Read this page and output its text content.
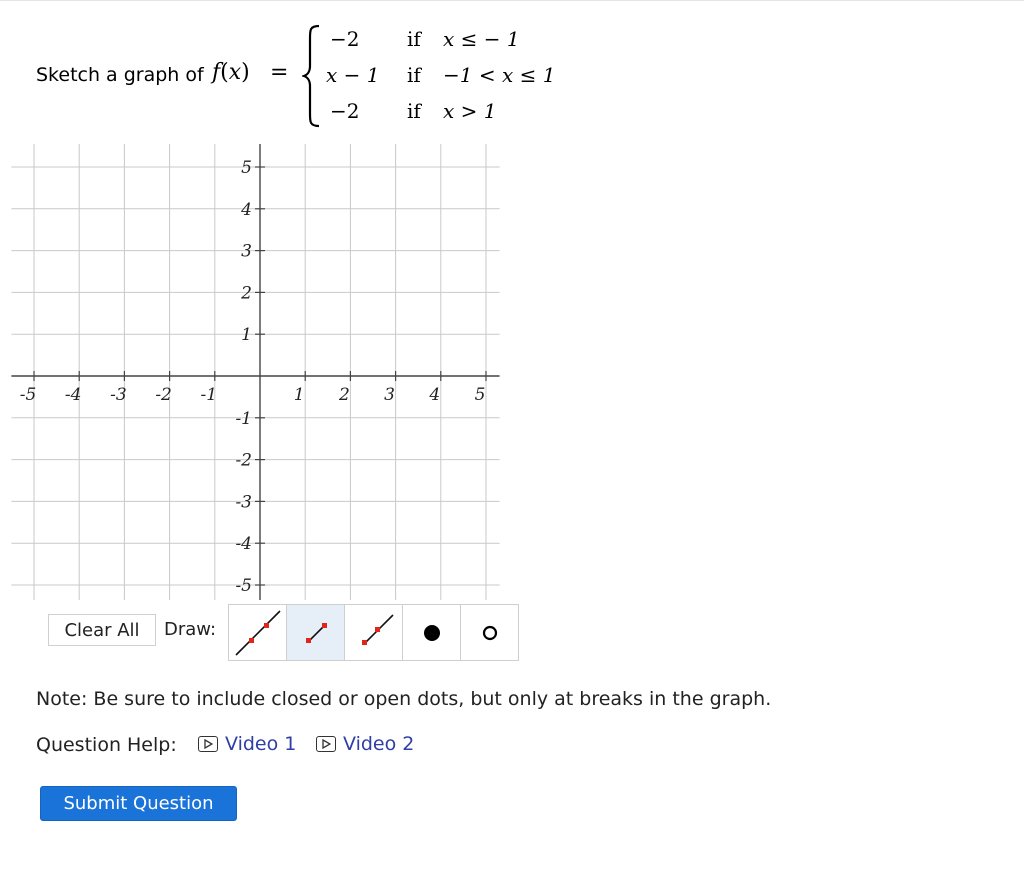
Sketch a graph of f(x) =
−2 if x ≤ − 1
x − 1 if −1 < x ≤ 1
−2 if x > 1
-5 -4 -3 -2 -1	1 2 3 4 5
5
4
3
2
1
-1
-2
-3
-4
-5
Clear All	Draw:
Note: Be sure to include closed or open dots, but only at breaks in the graph.
Question Help:	Video 1 Video 2
Submit Question
